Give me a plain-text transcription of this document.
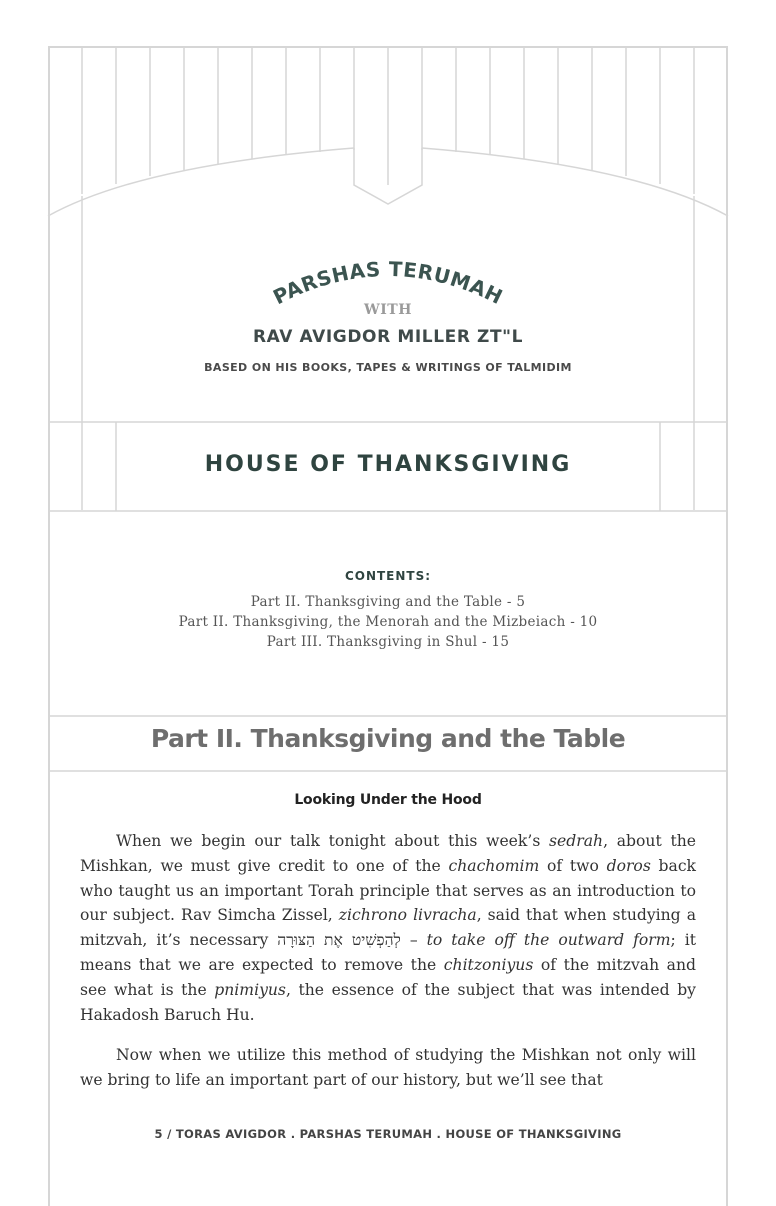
PARSHAS TERUMAH
WITH
RAV AVIGDOR MILLER ZT"L
BASED ON HIS BOOKS, TAPES & WRITINGS OF TALMIDIM
HOUSE OF THANKSGIVING
CONTENTS:
Part II. Thanksgiving and the Table - 5
Part II. Thanksgiving, the Menorah and the Mizbeiach - 10
Part III. Thanksgiving in Shul - 15
Part II. Thanksgiving and the Table
Looking Under the Hood

When we begin our talk tonight about this week’s sedrah, about the Mishkan, we must give credit to one of the chachomim of two doros back who taught us an important Torah principle that serves as an introduction to our subject. Rav Simcha Zissel, zichrono livracha, said that when studying a mitzvah, it’s necessary לְהַפְשִׁיט אֶת הַצּוּרָה – to take off the outward form; it means that we are expected to remove the chitzoniyus of the mitzvah and see what is the pnimiyus, the essence of the subject that was intended by Hakadosh Baruch Hu.

Now when we utilize this method of studying the Mishkan not only will we bring to life an important part of our history, but we’ll see that

5 / TORAS AVIGDOR . PARSHAS TERUMAH . HOUSE OF THANKSGIVING
